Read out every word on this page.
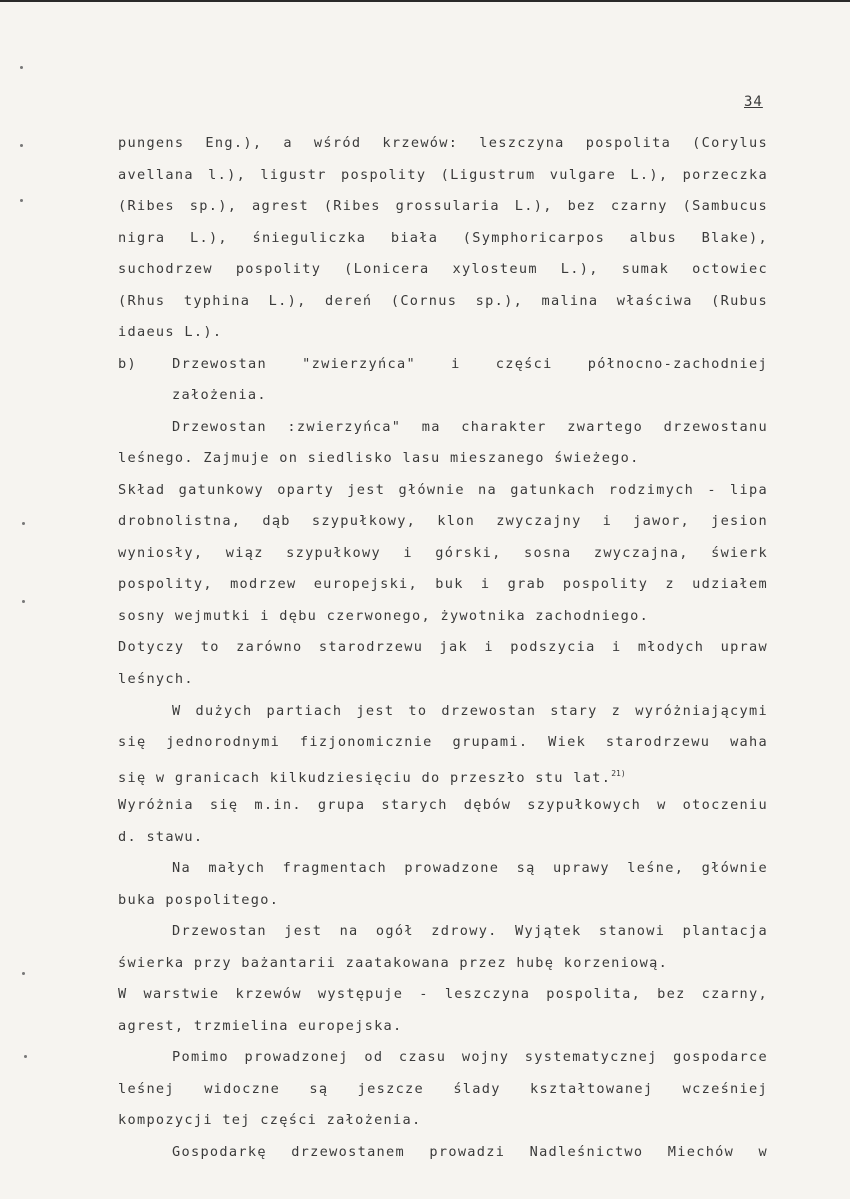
34
pungens Eng.), a wśród krzewów: leszczyna pospolita (Corylus
avellana l.), ligustr pospolity (Ligustrum vulgare L.), porzeczka
(Ribes sp.), agrest (Ribes grossularia L.), bez czarny (Sambucus
nigra L.), śnieguliczka biała (Symphoricarpos albus Blake),
suchodrzew pospolity (Lonicera xylosteum L.), sumak octowiec
(Rhus typhina L.), dereń (Cornus sp.), malina właściwa (Rubus
idaeus L.).
b) Drzewostan "zwierzyńca" i części północno-zachodniej
założenia.
Drzewostan :zwierzyńca" ma charakter zwartego drzewostanu
leśnego. Zajmuje on siedlisko lasu mieszanego świeżego.
Skład gatunkowy oparty jest głównie na gatunkach rodzimych - lipa
drobnolistna, dąb szypułkowy, klon zwyczajny i jawor, jesion
wyniosły, wiąz szypułkowy i górski, sosna zwyczajna, świerk
pospolity, modrzew europejski, buk i grab pospolity z udziałem
sosny wejmutki i dębu czerwonego, żywotnika zachodniego.
Dotyczy to zarówno starodrzewu jak i podszycia i młodych upraw
leśnych.
W dużych partiach jest to drzewostan stary z wyróżniającymi
się jednorodnymi fizjonomicznie grupami. Wiek starodrzewu waha
się w granicach kilkudziesięciu do przeszło stu lat.$^{21)}$
Wyróżnia się m.in. grupa starych dębów szypułkowych w otoczeniu
d. stawu.
Na małych fragmentach prowadzone są uprawy leśne, głównie
buka pospolitego.
Drzewostan jest na ogół zdrowy. Wyjątek stanowi plantacja
świerka przy bażantarii zaatakowana przez hubę korzeniową.
W warstwie krzewów występuje - leszczyna pospolita, bez czarny,
agrest, trzmielina europejska.
Pomimo prowadzonej od czasu wojny systematycznej gospodarce
leśnej widoczne są jeszcze ślady kształtowanej wcześniej
kompozycji tej części założenia.
Gospodarkę drzewostanem prowadzi Nadleśnictwo Miechów w
